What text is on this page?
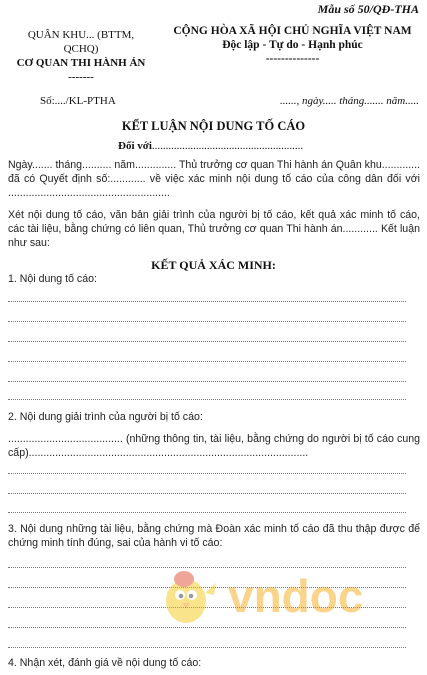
Mẫu số 50/QĐ-THA
QUÂN KHU... (BTTM,
QCHQ)
CƠ QUAN THI HÀNH ÁN
-------
CỘNG HÒA XÃ HỘI CHỦ NGHĨA VIỆT NAM
Độc lập - Tự do - Hạnh phúc
--------------
Số:..../KL-PTHA	......, ngày..... tháng....... năm.....
KẾT LUẬN NỘI DUNG TỐ CÁO
Đối với.......................................................
Ngày....... tháng.......... năm.............. Thủ trưởng cơ quan Thi hành án Quân khu............. đã có Quyết định số:............ về việc xác minh nội dung tố cáo của công dân đối với .......................................................
Xét nội dung tố cáo, văn bản giải trình của người bị tố cáo, kết quả xác minh tố cáo, các tài liệu, bằng chứng có liên quan, Thủ trưởng cơ quan Thi hành án............ Kết luận như sau:
KẾT QUẢ XÁC MINH:
1. Nội dung tố cáo:
2. Nội dung giải trình của người bị tố cáo:
....................................... (những thông tin, tài liệu, bằng chứng do người bị tố cáo cung cấp)...............................................................................................
3. Nội dung những tài liệu, bằng chứng mà Đoàn xác minh tố cáo đã thu thập được để chứng minh tính đúng, sai của hành vi tố cáo:
4. Nhận xét, đánh giá về nội dung tố cáo:
vndoc
